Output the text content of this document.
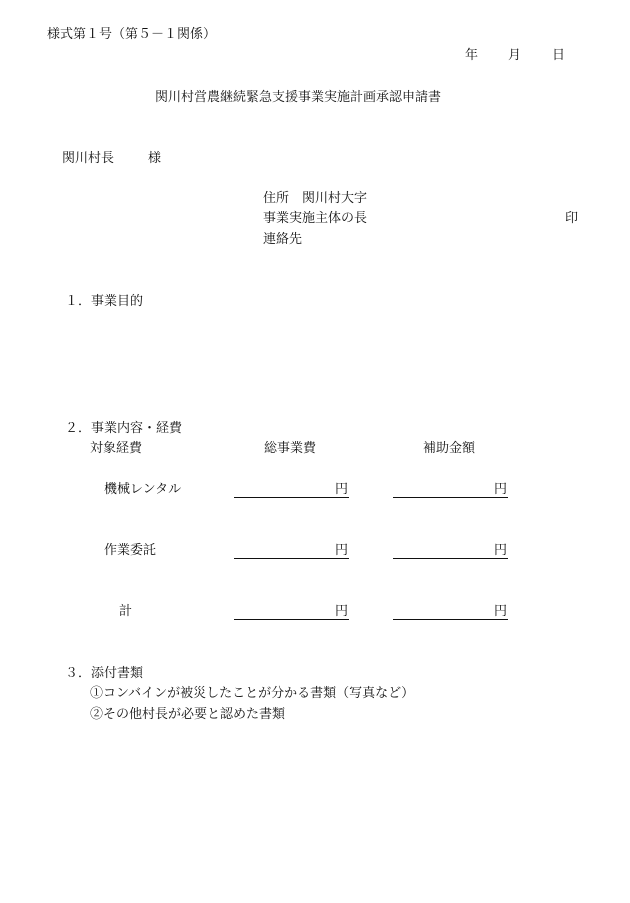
様式第１号（第５－１関係）
年 月 日
関川村営農継続緊急支援事業実施計画承認申請書
関川村長	様
住所　関川村大字
事業実施主体の長	印
連絡先
１．事業目的
２．事業内容・経費
対象経費	総事業費	補助金額
機械レンタル	円	円
作業委託	円	円
計	円	円
３．添付書類
①コンバインが被災したことが分かる書類（写真など）
②その他村長が必要と認めた書類
